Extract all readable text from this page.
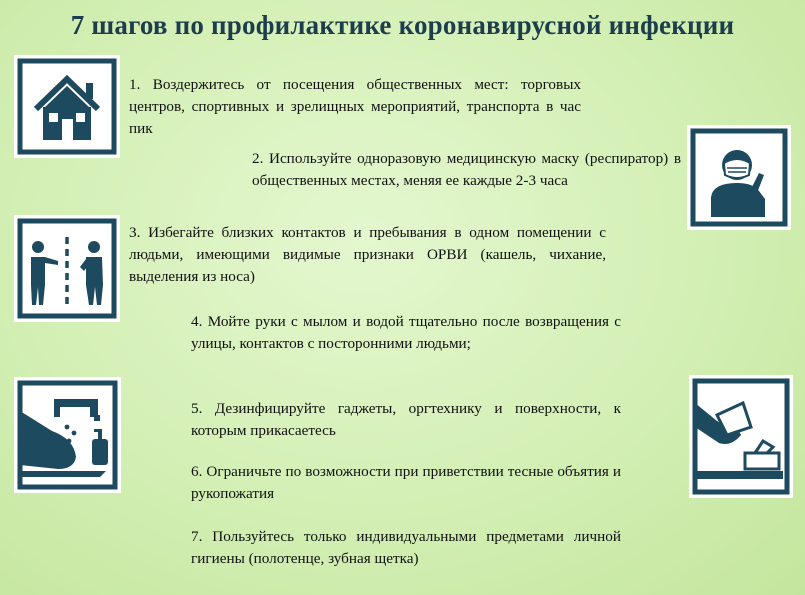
7 шагов по профилактике коронавирусной инфекции
1. Воздержитесь от посещения общественных мест: торговых центров, спортивных и зрелищных мероприятий, транспорта в час пик
2. Используйте одноразовую медицинскую маску (респиратор) в общественных местах, меняя ее каждые 2-3 часа
3. Избегайте близких контактов и пребывания в одном помещении с людьми, имеющими видимые признаки ОРВИ (кашель, чихание, выделения из носа)
4. Мойте руки с мылом и водой тщательно после возвращения с улицы, контактов с посторонними людьми;
5. Дезинфицируйте гаджеты, оргтехнику и поверхности, к которым прикасаетесь
6. Ограничьте по возможности при приветствии тесные объятия и рукопожатия
7. Пользуйтесь только индивидуальными предметами личной гигиены (полотенце, зубная щетка)
